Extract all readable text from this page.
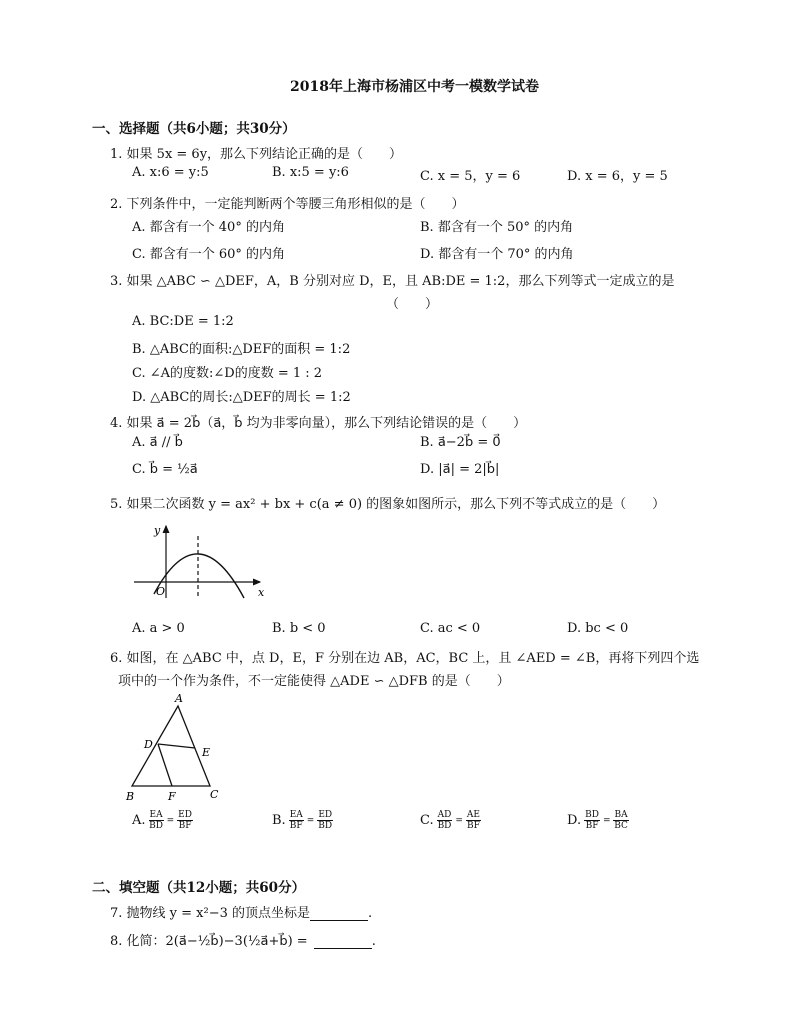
2018年上海市杨浦区中考一模数学试卷
一、选择题（共6小题；共30分）
1. 如果 5x = 6y，那么下列结论正确的是（　　）
A. x:6 = y:5	B. x:5 = y:6	C. x = 5，y = 6	D. x = 6，y = 5
2. 下列条件中，一定能判断两个等腰三角形相似的是（　　）
A. 都含有一个 40° 的内角	B. 都含有一个 50° 的内角
C. 都含有一个 60° 的内角	D. 都含有一个 70° 的内角
3. 如果 △ABC ∽ △DEF，A，B 分别对应 D，E，且 AB:DE = 1:2，那么下列等式一定成立的是
（　　）
A. BC:DE = 1:2
B. △ABC的面积:△DEF的面积 = 1:2
C. ∠A的度数:∠D的度数 = 1 : 2
D. △ABC的周长:△DEF的周长 = 1:2
4. 如果 a⃗ = 2b⃗（a⃗，b⃗ 均为非零向量），那么下列结论错误的是（　　）
A. a⃗ // b⃗	B. a⃗−2b⃗ = 0⃗
C. b⃗ = ½a⃗	D. |a⃗| = 2|b⃗|
5. 如果二次函数 y = ax² + bx + c(a ≠ 0) 的图象如图所示，那么下列不等式成立的是（　　）
y
x
O
A. a > 0	B. b < 0	C. ac < 0	D. bc < 0
6. 如图，在 △ABC 中，点 D，E，F 分别在边 AB，AC，BC 上，且 ∠AED = ∠B，再将下列四个选
项中的一个作为条件，不一定能使得 △ADE ∽ △DFB 的是（　　）
A
B	C
D
E
F
A. $\frac{EA}{BD} = \frac{ED}{BF}$	B. $\frac{EA}{BF} = \frac{ED}{BD}$	C. $\frac{AD}{BD} = \frac{AE}{BF}$	D. $\frac{BD}{BF} = \frac{BA}{BC}$
二、填空题（共12小题；共60分）
7. 抛物线 y = x²−3 的顶点坐标是	.
8. 化简：2(a⃗−½b⃗)−3(½a⃗+b⃗) =	.
